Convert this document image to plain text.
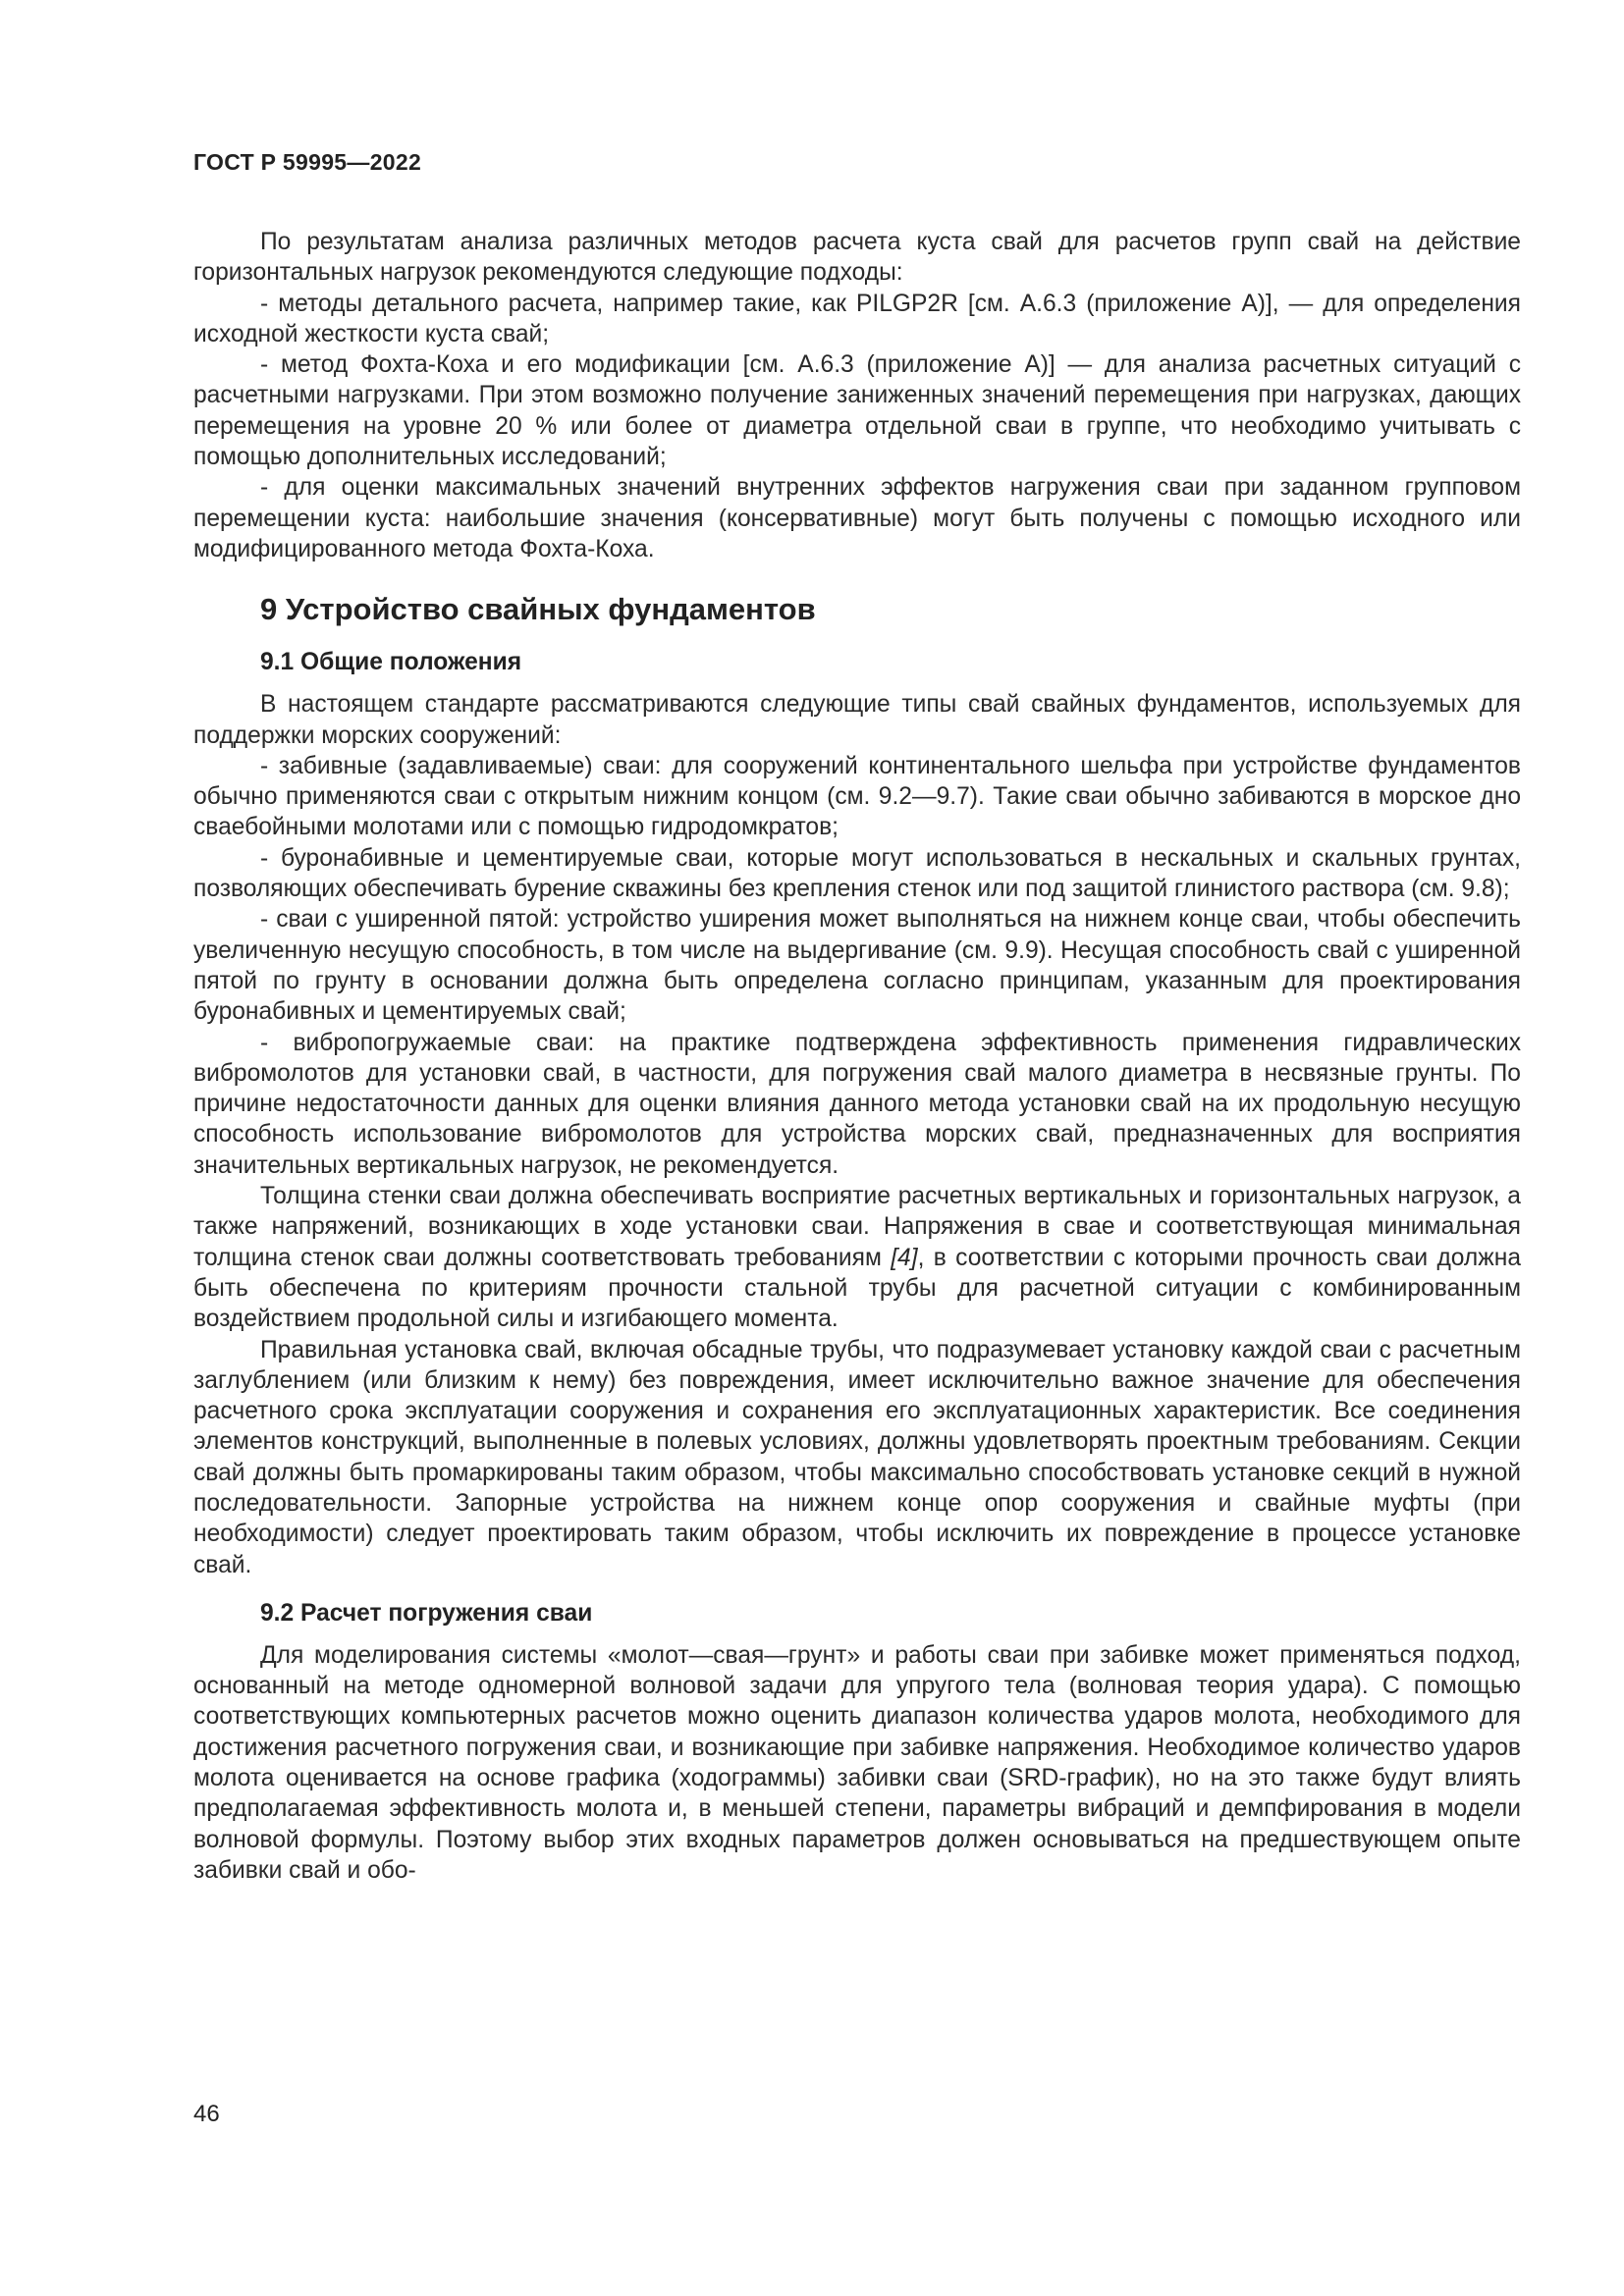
ГОСТ Р 59995—2022

По результатам анализа различных методов расчета куста свай для расчетов групп свай на действие горизонтальных нагрузок рекомендуются следующие подходы:

- методы детального расчета, например такие, как PILGP2R [см. А.6.3 (приложение А)], — для определения исходной жесткости куста свай;

- метод Фохта-Коха и его модификации [см. А.6.3 (приложение А)] — для анализа расчетных ситуаций с расчетными нагрузками. При этом возможно получение заниженных значений перемещения при нагрузках, дающих перемещения на уровне 20 % или более от диаметра отдельной сваи в группе, что необходимо учитывать с помощью дополнительных исследований;

- для оценки максимальных значений внутренних эффектов нагружения сваи при заданном групповом перемещении куста: наибольшие значения (консервативные) могут быть получены с помощью исходного или модифицированного метода Фохта-Коха.

9 Устройство свайных фундаментов
9.1 Общие положения

В настоящем стандарте рассматриваются следующие типы свай свайных фундаментов, используемых для поддержки морских сооружений:

- забивные (задавливаемые) сваи: для сооружений континентального шельфа при устройстве фундаментов обычно применяются сваи с открытым нижним концом (см. 9.2—9.7). Такие сваи обычно забиваются в морское дно сваебойными молотами или с помощью гидродомкратов;

- буронабивные и цементируемые сваи, которые могут использоваться в нескальных и скальных грунтах, позволяющих обеспечивать бурение скважины без крепления стенок или под защитой глинистого раствора (см. 9.8);

- сваи с уширенной пятой: устройство уширения может выполняться на нижнем конце сваи, чтобы обеспечить увеличенную несущую способность, в том числе на выдергивание (см. 9.9). Несущая способность свай с уширенной пятой по грунту в основании должна быть определена согласно принципам, указанным для проектирования буронабивных и цементируемых свай;

- вибропогружаемые сваи: на практике подтверждена эффективность применения гидравлических вибромолотов для установки свай, в частности, для погружения свай малого диаметра в несвязные грунты. По причине недостаточности данных для оценки влияния данного метода установки свай на их продольную несущую способность использование вибромолотов для устройства морских свай, предназначенных для восприятия значительных вертикальных нагрузок, не рекомендуется.

Толщина стенки сваи должна обеспечивать восприятие расчетных вертикальных и горизонтальных нагрузок, а также напряжений, возникающих в ходе установки сваи. Напряжения в свае и соответствующая минимальная толщина стенок сваи должны соответствовать требованиям [4], в соответствии с которыми прочность сваи должна быть обеспечена по критериям прочности стальной трубы для расчетной ситуации с комбинированным воздействием продольной силы и изгибающего момента.

Правильная установка свай, включая обсадные трубы, что подразумевает установку каждой сваи с расчетным заглублением (или близким к нему) без повреждения, имеет исключительно важное значение для обеспечения расчетного срока эксплуатации сооружения и сохранения его эксплуатационных характеристик. Все соединения элементов конструкций, выполненные в полевых условиях, должны удовлетворять проектным требованиям. Секции свай должны быть промаркированы таким образом, чтобы максимально способствовать установке секций в нужной последовательности. Запорные устройства на нижнем конце опор сооружения и свайные муфты (при необходимости) следует проектировать таким образом, чтобы исключить их повреждение в процессе установке свай.

9.2 Расчет погружения сваи

Для моделирования системы «молот—свая—грунт» и работы сваи при забивке может применяться подход, основанный на методе одномерной волновой задачи для упругого тела (волновая теория удара). С помощью соответствующих компьютерных расчетов можно оценить диапазон количества ударов молота, необходимого для достижения расчетного погружения сваи, и возникающие при забивке напряжения. Необходимое количество ударов молота оценивается на основе графика (ходограммы) забивки сваи (SRD-график), но на это также будут влиять предполагаемая эффективность молота и, в меньшей степени, параметры вибраций и демпфирования в модели волновой формулы. Поэтому выбор этих входных параметров должен основываться на предшествующем опыте забивки свай и обо-

46
